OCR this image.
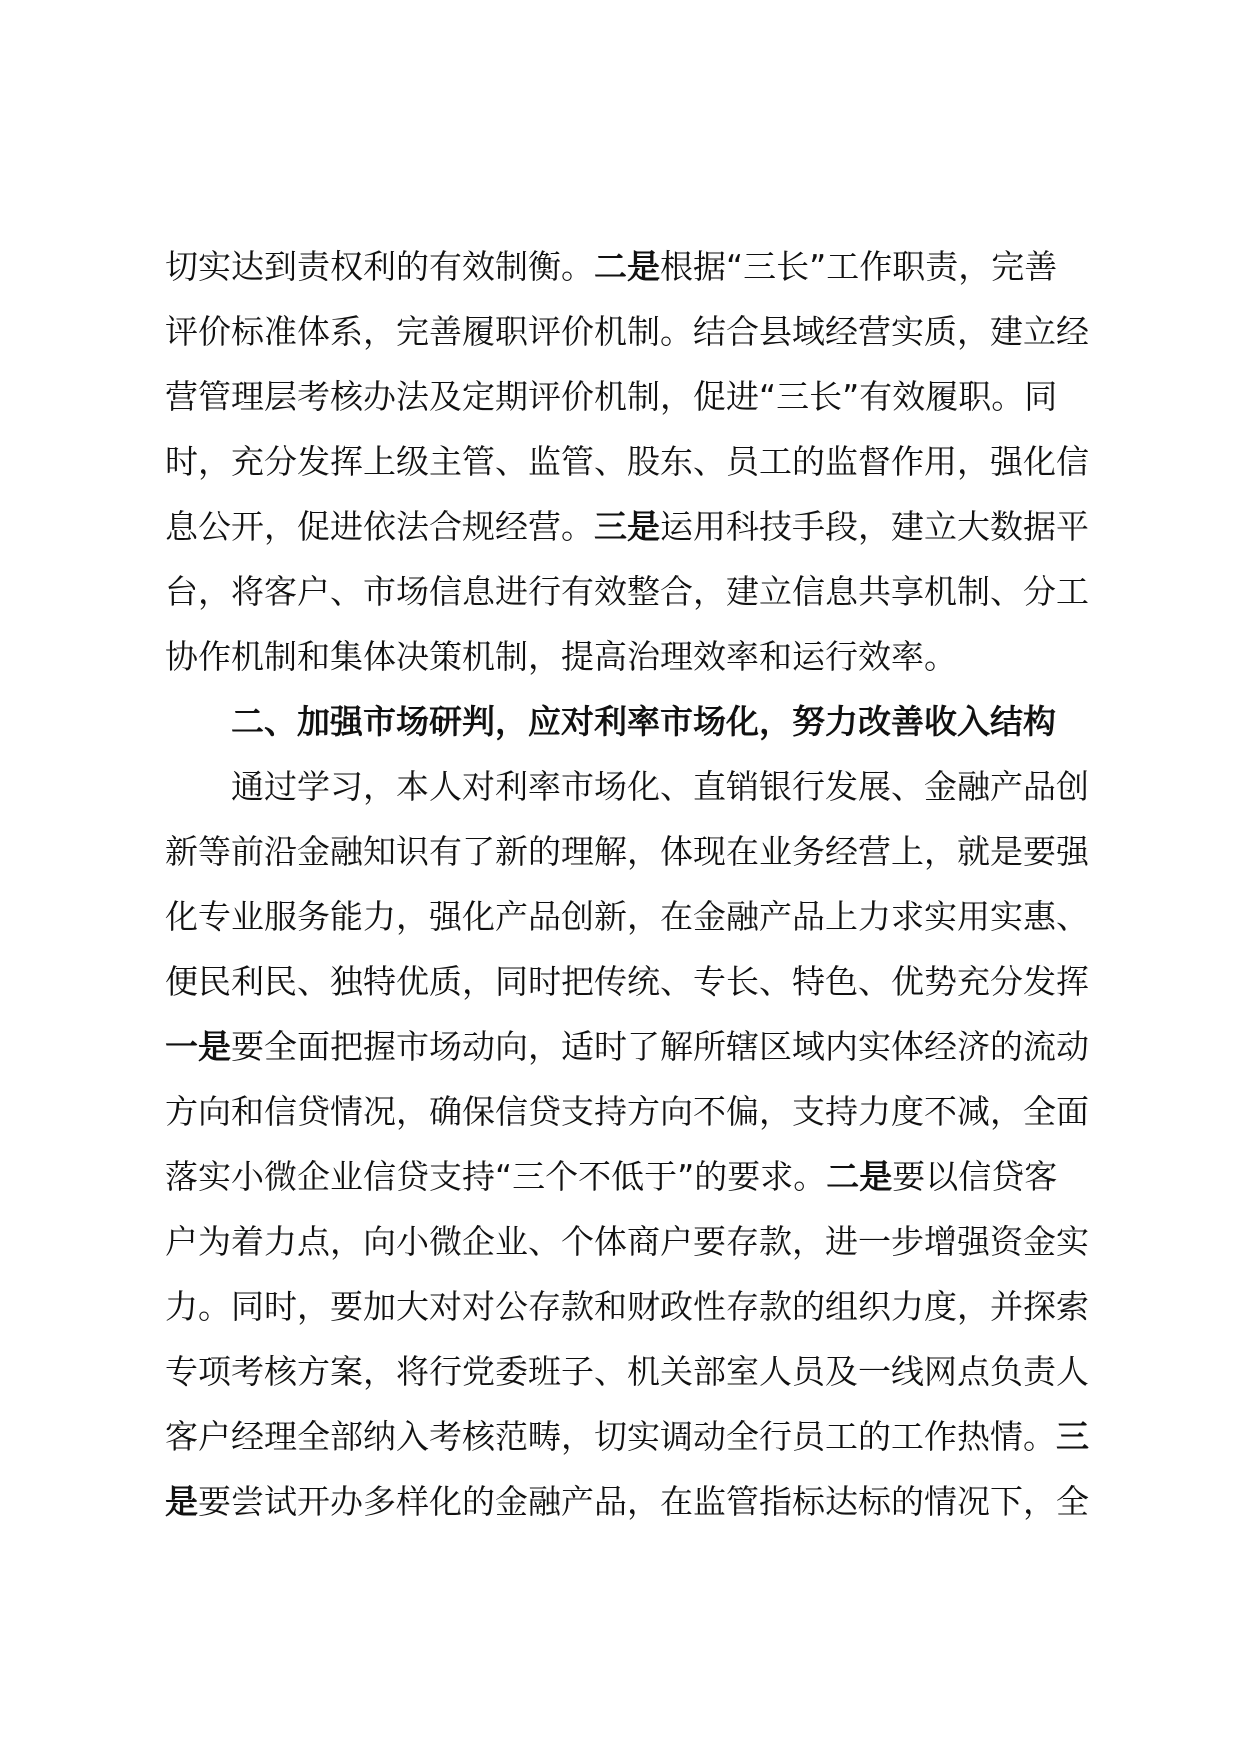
切实达到责权利的有效制衡。二是根据“三长”工作职责，完善
评价标准体系，完善履职评价机制。结合县域经营实质，建立经
营管理层考核办法及定期评价机制，促进“三长”有效履职。同
时，充分发挥上级主管、监管、股东、员工的监督作用，强化信
息公开，促进依法合规经营。三是运用科技手段，建立大数据平
台，将客户、市场信息进行有效整合，建立信息共享机制、分工
协作机制和集体决策机制，提高治理效率和运行效率。
二、加强市场研判，应对利率市场化，努力改善收入结构
通过学习，本人对利率市场化、直销银行发展、金融产品创
新等前沿金融知识有了新的理解，体现在业务经营上，就是要强
化专业服务能力，强化产品创新，在金融产品上力求实用实惠、
便民利民、独特优质，同时把传统、专长、特色、优势充分发挥
一是要全面把握市场动向，适时了解所辖区域内实体经济的流动
方向和信贷情况，确保信贷支持方向不偏，支持力度不减，全面
落实小微企业信贷支持“三个不低于”的要求。二是要以信贷客
户为着力点，向小微企业、个体商户要存款，进一步增强资金实
力。同时，要加大对对公存款和财政性存款的组织力度，并探索
专项考核方案，将行党委班子、机关部室人员及一线网点负责人
客户经理全部纳入考核范畴，切实调动全行员工的工作热情。三
是要尝试开办多样化的金融产品，在监管指标达标的情况下，全
